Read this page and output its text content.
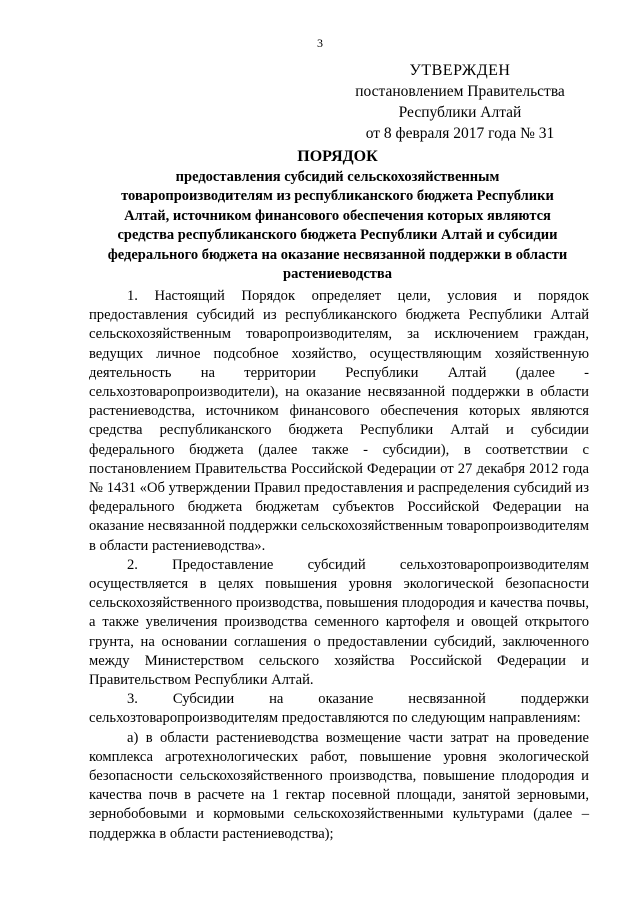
3
УТВЕРЖДЕН
постановлением Правительства
Республики Алтай
от 8 февраля 2017 года № 31
ПОРЯДОК
предоставления субсидий сельскохозяйственным
товаропроизводителям из республиканского бюджета Республики
Алтай, источником финансового обеспечения которых являются
средства республиканского бюджета Республики Алтай и субсидии
федерального бюджета на оказание несвязанной поддержки в области
растениеводства

1. Настоящий Порядок определяет цели, условия и порядок предоставления субсидий из республиканского бюджета Республики Алтай сельскохозяйственным товаропроизводителям, за исключением граждан, ведущих личное подсобное хозяйство, осуществляющим хозяйственную деятельность на территории Республики Алтай (далее - сельхозтоваропроизводители), на оказание несвязанной поддержки в области растениеводства, источником финансового обеспечения которых являются средства республиканского бюджета Республики Алтай и субсидии федерального бюджета (далее также - субсидии), в соответствии с постановлением Правительства Российской Федерации от 27 декабря 2012 года № 1431 «Об утверждении Правил предоставления и распределения субсидий из федерального бюджета бюджетам субъектов Российской Федерации на оказание несвязанной поддержки сельскохозяйственным товаропроизводителям в области растениеводства».

2. Предоставление субсидий сельхозтоваропроизводителям осуществляется в целях повышения уровня экологической безопасности сельскохозяйственного производства, повышения плодородия и качества почвы, а также увеличения производства семенного картофеля и овощей открытого грунта, на основании соглашения о предоставлении субсидий, заключенного между Министерством сельского хозяйства Российской Федерации и Правительством Республики Алтай.

3. Субсидии на оказание несвязанной поддержки сельхозтоваропроизводителям предоставляются по следующим направлениям:

а) в области растениеводства возмещение части затрат на проведение комплекса агротехнологических работ, повышение уровня экологической безопасности сельскохозяйственного производства, повышение плодородия и качества почв в расчете на 1 гектар посевной площади, занятой зерновыми, зернобобовыми и кормовыми сельскохозяйственными культурами (далее – поддержка в области растениеводства);
